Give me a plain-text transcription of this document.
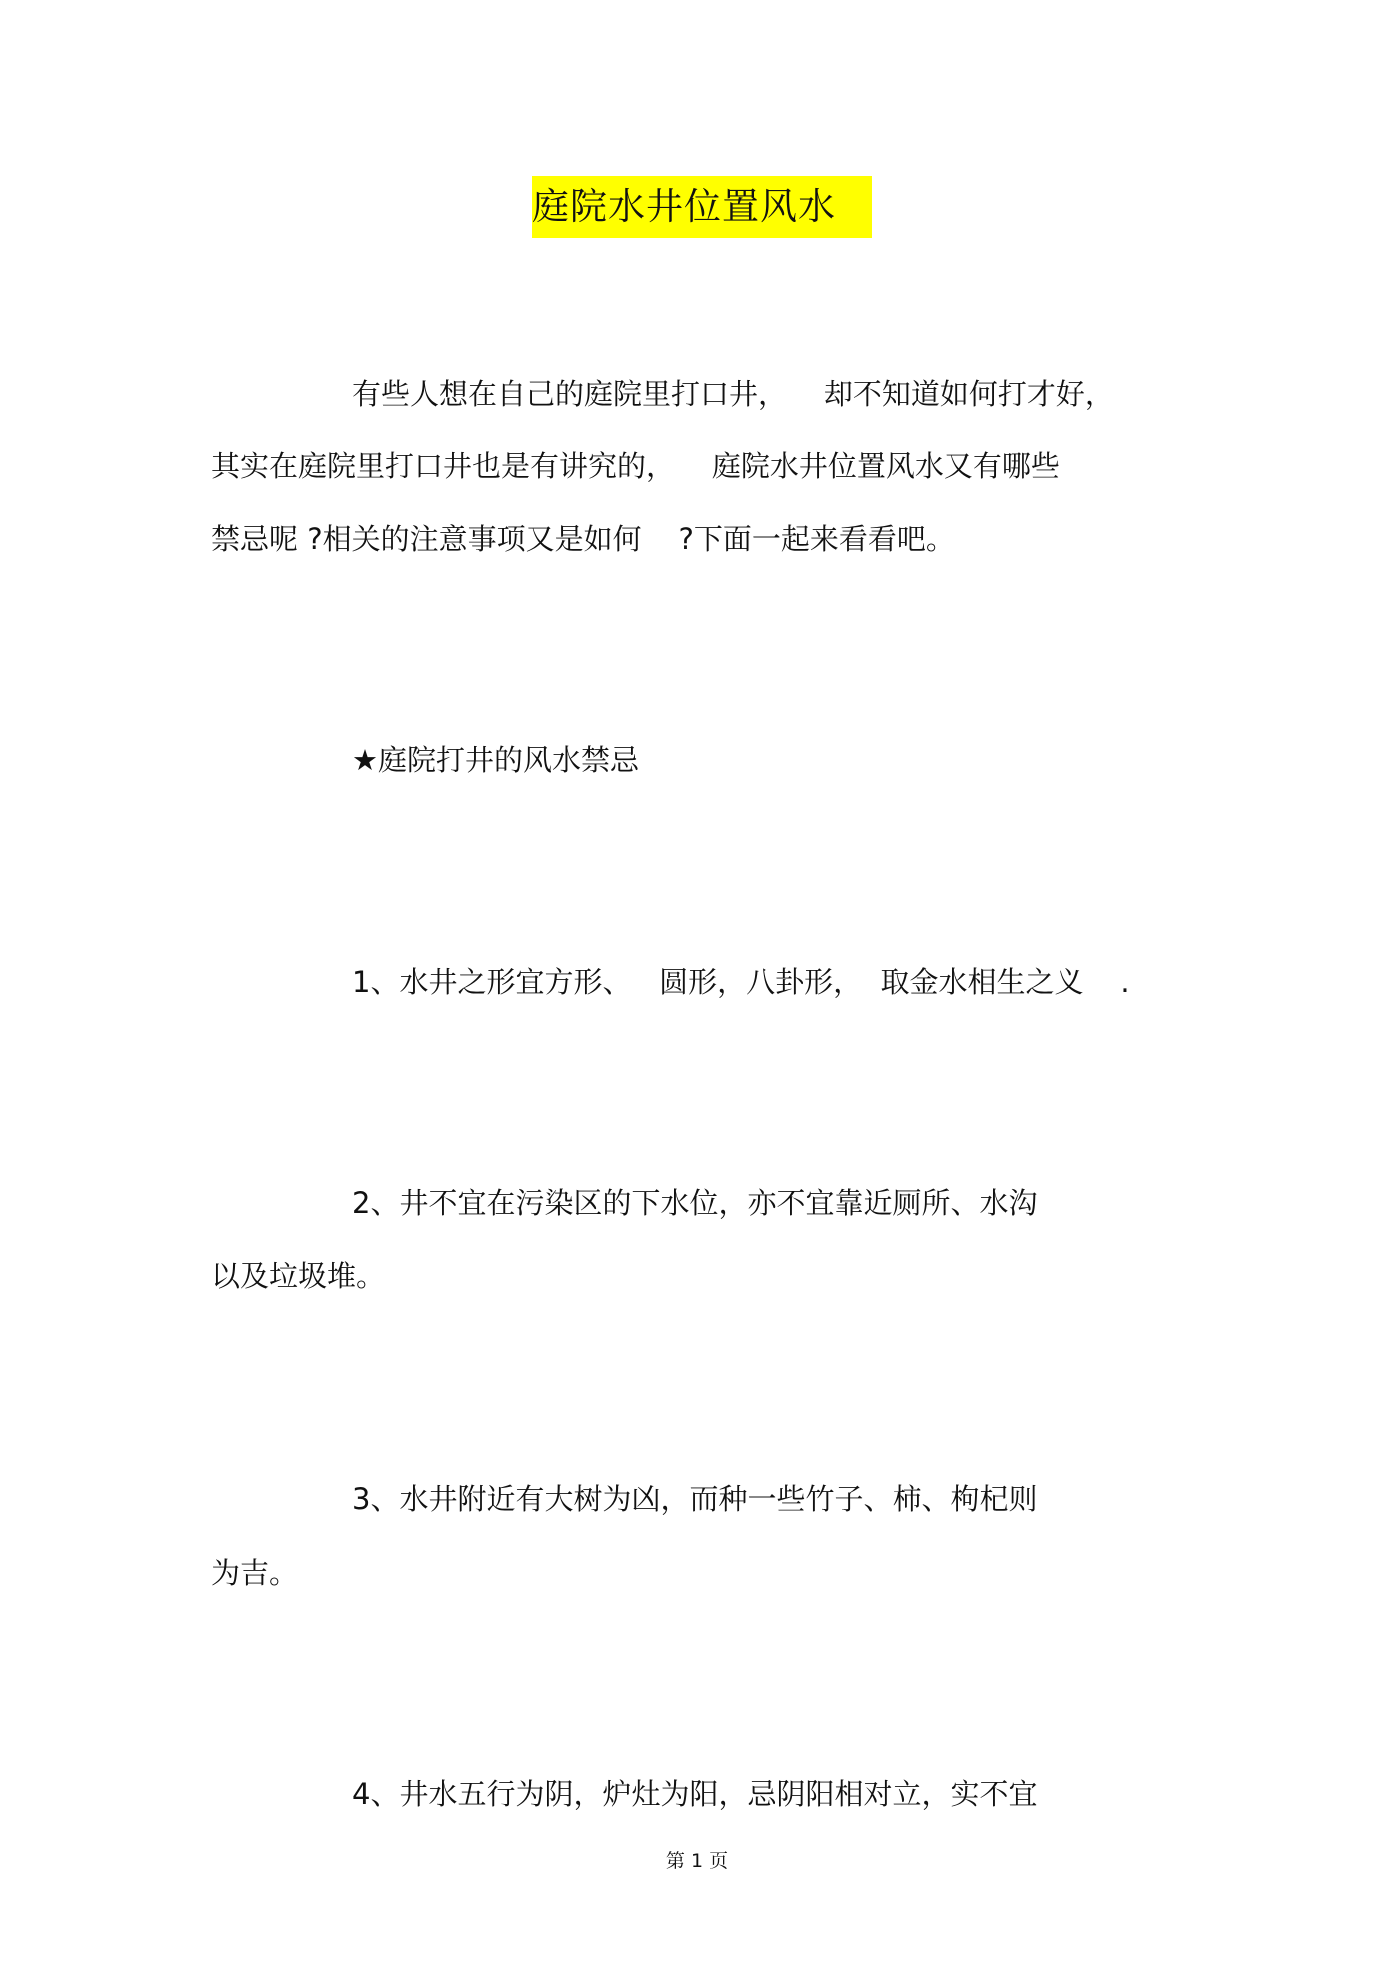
庭院水井位置风水
有些人想在自己的庭院里打口井，    却不知道如何打才好，
其实在庭院里打口井也是有讲究的，    庭院水井位置风水又有哪些
禁忌呢 ?相关的注意事项又是如何    ?下面一起来看看吧。
★庭院打井的风水禁忌
1、水井之形宜方形、   圆形，八卦形，  取金水相生之义    .
2、井不宜在污染区的下水位，亦不宜靠近厕所、水沟
以及垃圾堆。
3、水井附近有大树为凶，而种一些竹子、柿、枸杞则
为吉。
4、井水五行为阴，炉灶为阳，忌阴阳相对立，实不宜
第 1 页
